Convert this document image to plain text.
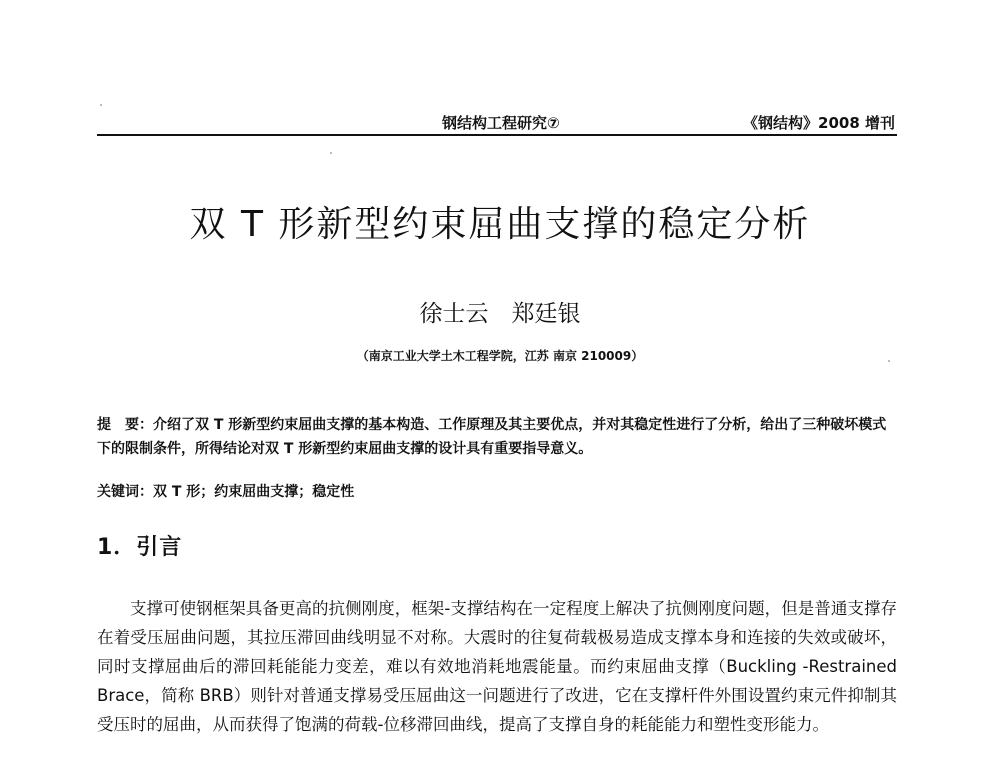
钢结构工程研究⑦	《钢结构》2008 增刊
双 T 形新型约束屈曲支撑的稳定分析
徐士云　郑廷银
（南京工业大学土木工程学院，江苏 南京 210009）
提　要：介绍了双 T 形新型约束屈曲支撑的基本构造、工作原理及其主要优点，并对其稳定性进行了分析，给出了三种破坏模式下的限制条件，所得结论对双 T 形新型约束屈曲支撑的设计具有重要指导意义。
关键词：双 T 形；约束屈曲支撑；稳定性
1．引言
支撑可使钢框架具备更高的抗侧刚度，框架-支撑结构在一定程度上解决了抗侧刚度问题，但是普通支撑存在着受压屈曲问题，其拉压滞回曲线明显不对称。大震时的往复荷载极易造成支撑本身和连接的失效或破坏，同时支撑屈曲后的滞回耗能能力变差，难以有效地消耗地震能量。而约束屈曲支撑（Buckling -Restrained Brace，简称 BRB）则针对普通支撑易受压屈曲这一问题进行了改进，它在支撑杆件外围设置约束元件抑制其受压时的屈曲，从而获得了饱满的荷载-位移滞回曲线，提高了支撑自身的耗能能力和塑性变形能力。
